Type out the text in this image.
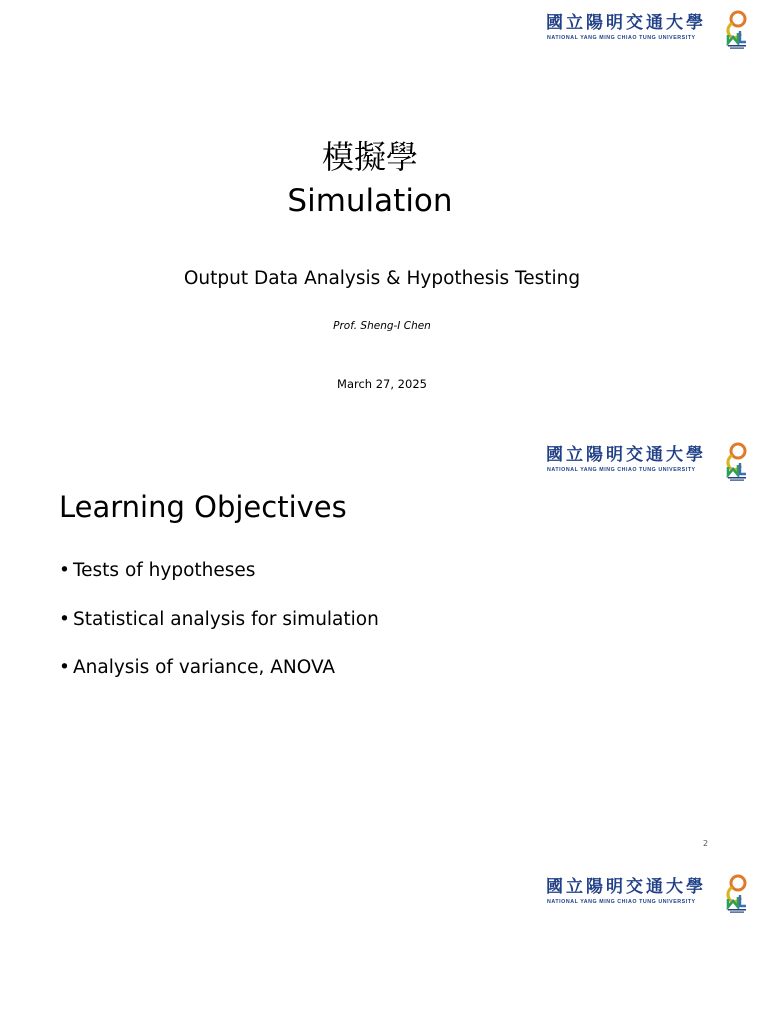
國立陽明交通大學
NATIONAL YANG MING CHIAO TUNG UNIVERSITY
模擬學
Simulation
Output Data Analysis & Hypothesis Testing
Prof. Sheng-I Chen
March 27, 2025
國立陽明交通大學
NATIONAL YANG MING CHIAO TUNG UNIVERSITY
Learning Objectives
• Tests of hypotheses
• Statistical analysis for simulation
• Analysis of variance, ANOVA
2
國立陽明交通大學
NATIONAL YANG MING CHIAO TUNG UNIVERSITY
